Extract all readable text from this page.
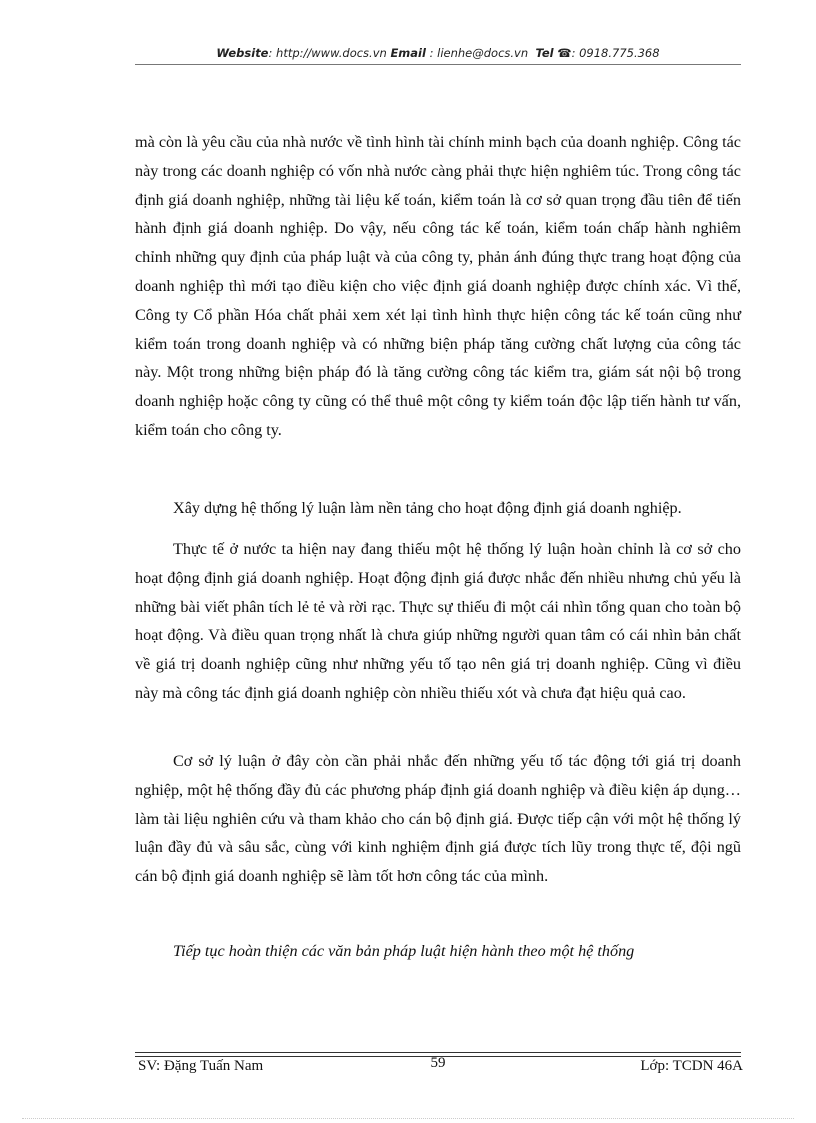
Website: http://www.docs.vn Email : lienhe@docs.vn Tel ☎: 0918.775.368

mà còn là yêu cầu của nhà nước về tình hình tài chính minh bạch của doanh nghiệp. Công tác này trong các doanh nghiệp có vốn nhà nước càng phải thực hiện nghiêm túc. Trong công tác định giá doanh nghiệp, những tài liệu kế toán, kiểm toán là cơ sở quan trọng đầu tiên để tiến hành định giá doanh nghiệp. Do vậy, nếu công tác kế toán, kiểm toán chấp hành nghiêm chỉnh những quy định của pháp luật và của công ty, phản ánh đúng thực trang hoạt động của doanh nghiệp thì mới tạo điều kiện cho việc định giá doanh nghiệp được chính xác. Vì thế, Công ty Cổ phần Hóa chất phải xem xét lại tình hình thực hiện công tác kế toán cũng như kiểm toán trong doanh nghiệp và có những biện pháp tăng cường chất lượng của công tác này. Một trong những biện pháp đó là tăng cường công tác kiểm tra, giám sát nội bộ trong doanh nghiệp hoặc công ty cũng có thể thuê một công ty kiểm toán độc lập tiến hành tư vấn, kiểm toán cho công ty.

Xây dựng hệ thống lý luận làm nền tảng cho hoạt động định giá doanh nghiệp.

Thực tế ở nước ta hiện nay đang thiếu một hệ thống lý luận hoàn chỉnh là cơ sở cho hoạt động định giá doanh nghiệp. Hoạt động định giá được nhắc đến nhiều nhưng chủ yếu là những bài viết phân tích lẻ tẻ và rời rạc. Thực sự thiếu đi một cái nhìn tổng quan cho toàn bộ hoạt động. Và điều quan trọng nhất là chưa giúp những người quan tâm có cái nhìn bản chất về giá trị doanh nghiệp cũng như những yếu tố tạo nên giá trị doanh nghiệp. Cũng vì điều này mà công tác định giá doanh nghiệp còn nhiều thiếu xót và chưa đạt hiệu quả cao.

Cơ sở lý luận ở đây còn cần phải nhắc đến những yếu tố tác động tới giá trị doanh nghiệp, một hệ thống đầy đủ các phương pháp định giá doanh nghiệp và điều kiện áp dụng… làm tài liệu nghiên cứu và tham khảo cho cán bộ định giá. Được tiếp cận với một hệ thống lý luận đầy đủ và sâu sắc, cùng với kinh nghiệm định giá được tích lũy trong thực tế, đội ngũ cán bộ định giá doanh nghiệp sẽ làm tốt hơn công tác của mình.

Tiếp tục hoàn thiện các văn bản pháp luật hiện hành theo một hệ thống

SV: Đặng Tuấn Nam	59	Lớp: TCDN 46A
